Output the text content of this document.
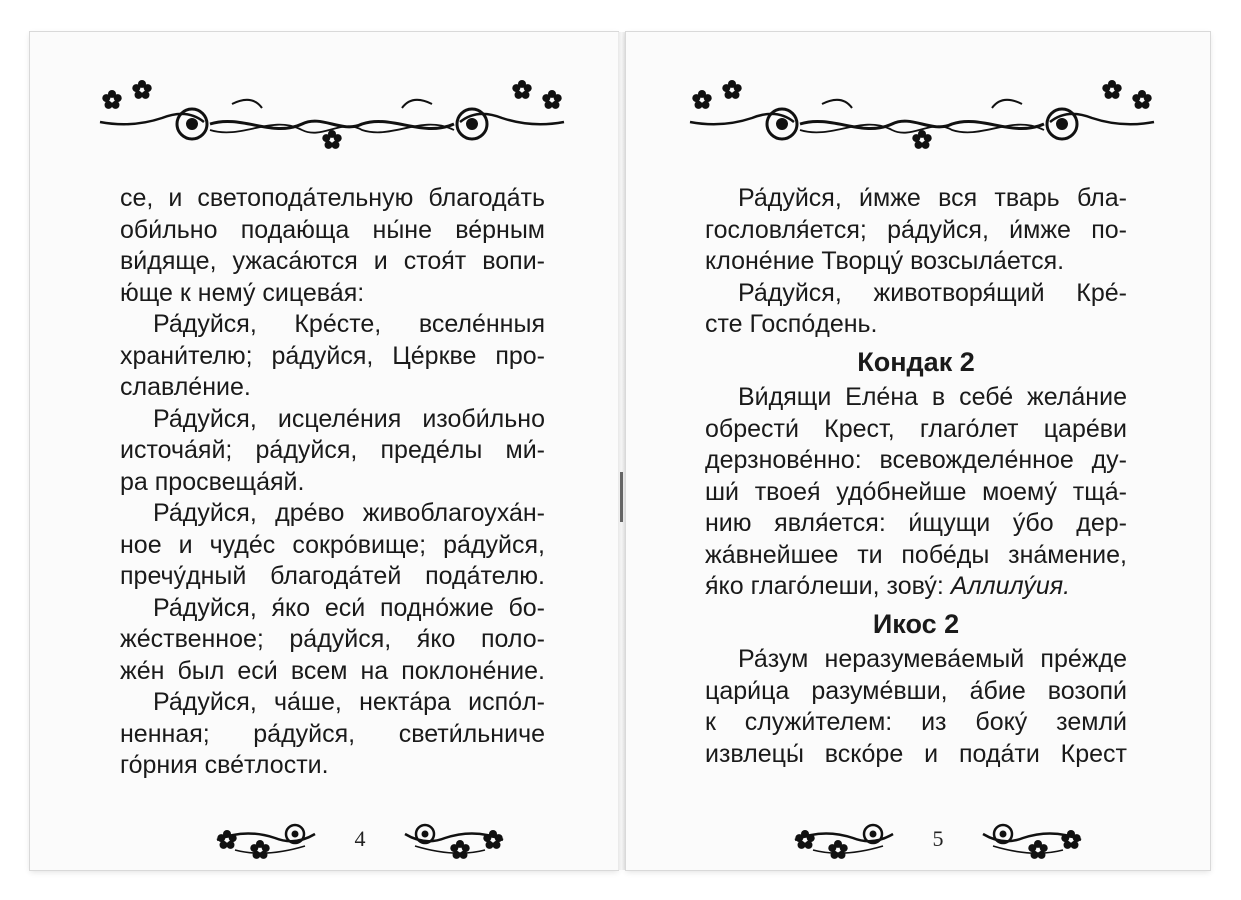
се, и светопода́тельную благода́ть
оби́льно подаю́ща ны́не ве́рным
ви́дяще, ужаса́ются и стоя́т вопи-
ю́ще к нему́ сицева́я:
Ра́дуйся, Кре́сте, вселе́нныя
храни́телю; ра́дуйся, Це́ркве про-
славле́ние.
Ра́дуйся, исцеле́ния изоби́льно
источа́яй; ра́дуйся, преде́лы ми́-
ра просвеща́яй.
Ра́дуйся, дре́во живоблагоуха́н-
ное и чуде́с сокро́вище; ра́дуйся,
пречу́дный благода́тей пода́телю.
Ра́дуйся, я́ко еси́ подно́жие бо-
же́ственное; ра́дуйся, я́ко поло-
же́н был еси́ всем на поклоне́ние.
Ра́дуйся, ча́ше, некта́ра испо́л-
ненная; ра́дуйся, свети́льниче
го́рния све́тлости.
4
Ра́дуйся, и́мже вся тварь бла-
гословля́ется; ра́дуйся, и́мже по-
клоне́ние Творцу́ возсыла́ется.
Ра́дуйся, животворя́щий Кре́-
сте Госпо́день.
Кондак 2
Ви́дящи Еле́на в себе́ жела́ние
обрести́ Крест, глаго́лет царе́ви
дерзнове́нно: всевожделе́нное ду-
ши́ твоея́ удо́бнейше моему́ тща́-
нию явля́ется: и́щущи у́бо дер-
жа́внейшее ти побе́ды зна́мение,
я́ко глаго́леши, зову́: Аллилу́ия.
Икос 2
Ра́зум неразумева́емый пре́жде
цари́ца разуме́вши, а́бие возопи́
к служи́телем: из боку́ земли́
извлецы́ вско́ре и пода́ти Крест
5
